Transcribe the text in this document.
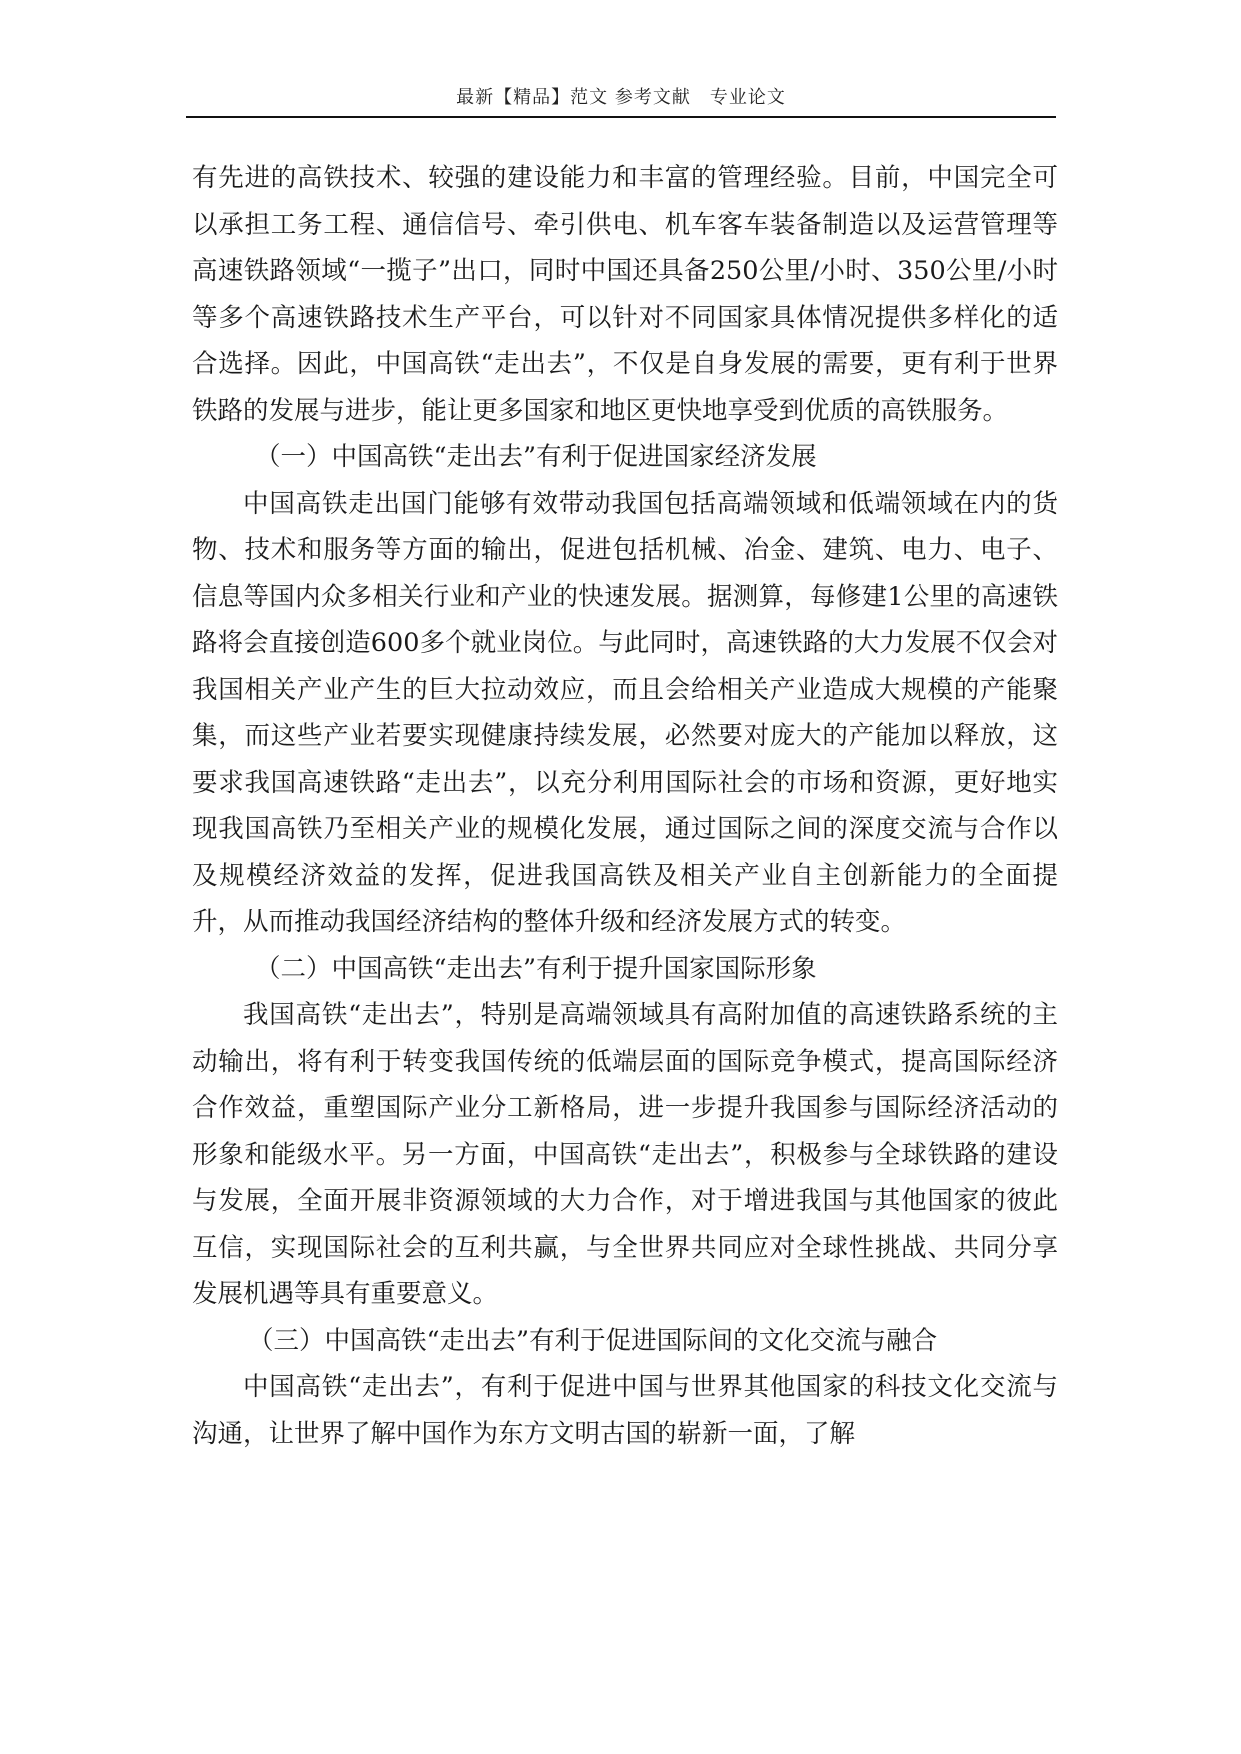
最新【精品】范文 参考文献　专业论文

有先进的高铁技术、较强的建设能力和丰富的管理经验。目前，中国完全可以承担工务工程、通信信号、牵引供电、机车客车装备制造以及运营管理等高速铁路领域“一揽子”出口，同时中国还具备250公里/小时、350公里/小时等多个高速铁路技术生产平台，可以针对不同国家具体情况提供多样化的适合选择。因此，中国高铁“走出去”，不仅是自身发展的需要，更有利于世界铁路的发展与进步，能让更多国家和地区更快地享受到优质的高铁服务。

（一）中国高铁“走出去”有利于促进国家经济发展

中国高铁走出国门能够有效带动我国包括高端领域和低端领域在内的货物、技术和服务等方面的输出，促进包括机械、冶金、建筑、电力、电子、信息等国内众多相关行业和产业的快速发展。据测算，每修建1公里的高速铁路将会直接创造600多个就业岗位。与此同时，高速铁路的大力发展不仅会对我国相关产业产生的巨大拉动效应，而且会给相关产业造成大规模的产能聚集，而这些产业若要实现健康持续发展，必然要对庞大的产能加以释放，这要求我国高速铁路“走出去”，以充分利用国际社会的市场和资源，更好地实现我国高铁乃至相关产业的规模化发展，通过国际之间的深度交流与合作以及规模经济效益的发挥，促进我国高铁及相关产业自主创新能力的全面提升，从而推动我国经济结构的整体升级和经济发展方式的转变。

（二）中国高铁“走出去”有利于提升国家国际形象

我国高铁“走出去”，特别是高端领域具有高附加值的高速铁路系统的主动输出，将有利于转变我国传统的低端层面的国际竞争模式，提高国际经济合作效益，重塑国际产业分工新格局，进一步提升我国参与国际经济活动的形象和能级水平。另一方面，中国高铁“走出去”，积极参与全球铁路的建设与发展，全面开展非资源领域的大力合作，对于增进我国与其他国家的彼此互信，实现国际社会的互利共赢，与全世界共同应对全球性挑战、共同分享发展机遇等具有重要意义。

（三）中国高铁“走出去”有利于促进国际间的文化交流与融合

中国高铁“走出去”，有利于促进中国与世界其他国家的科技文化交流与沟通，让世界了解中国作为东方文明古国的崭新一面，了解
